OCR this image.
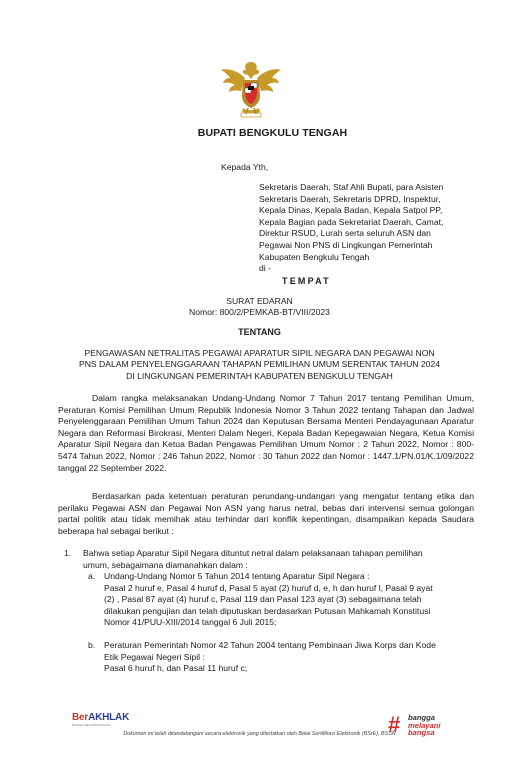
BUPATI BENGKULU TENGAH
Kepada Yth,
Sekretaris Daerah, Staf Ahli Bupati, para Asisten
Sekretaris Daerah, Sekretaris DPRD, Inspektur,
Kepala Dinas, Kepala Badan, Kepala Satpol PP,
Kepala Bagian pada Sekretariat Daerah, Camat,
Direktur RSUD, Lurah serta seluruh ASN dan
Pegawai Non PNS di Lingkungan Pemerintah
Kabupaten Bengkulu Tengah
di -
TEMPAT
SURAT EDARAN
Nomor: 800/2/PEMKAB-BT/VIII/2023
TENTANG
PENGAWASAN NETRALITAS PEGAWAI APARATUR SIPIL NEGARA DAN PEGAWAI NON
PNS DALAM PENYELENGGARAAN TAHAPAN PEMILIHAN UMUM SERENTAK TAHUN 2024
DI LINGKUNGAN PEMERINTAH KABUPATEN BENGKULU TENGAH
Dalam rangka melaksanakan Undang-Undang Nomor 7 Tahun 2017 tentang Pemilihan Umum, Peraturan Komisi Pemilihan Umum Republik Indonesia Nomor 3 Tahun 2022 tentang Tahapan dan Jadwal Penyelenggaraan Pemilihan Umum Tahun 2024 dan Keputusan Bersama Menteri Pendayagunaan Aparatur Negara dan Reformasi Birokrasi, Menteri Dalam Negeri, Kepala Badan Kepegawaian Negara, Ketua Komisi Aparatur Sipil Negara dan Ketua Badan Pengawas Pemilihan Umum Nomor : 2 Tahun 2022, Nomor : 800-5474 Tahun 2022, Nomor : 246 Tahun 2022, Nomor : 30 Tahun 2022 dan Nomor : 1447.1/PN.01/K.1/09/2022 tanggal 22 September 2022.
Berdasarkan pada ketentuan peraturan perundang-undangan yang mengatur tentang etika dan perilaku Pegawai ASN dan Pegawai Non ASN yang harus netral, bebas dari intervensi semua golongan partai politik atau tidak memihak atau terhindar dari konflik kepentingan, disampaikan kepada Saudara beberapa hal sebagai berikut :
1. Bahwa setiap Aparatur Sipil Negara dituntut netral dalam pelaksanaan tahapan pemilihan
umum, sebagaimana diamanahkan dalam :
a. Undang-Undang Nomor 5 Tahun 2014 tentang Aparatur Sipil Negara :
Pasal 2 huruf e, Pasal 4 huruf d, Pasal 5 ayat (2) huruf d, e, h dan huruf l, Pasal 9 ayat
(2) , Pasal 87 ayat (4) huruf c, Pasal 119 dan Pasal 123 ayat (3) sebagaimana telah
dilakukan pengujian dan telah diputuskan berdasarkan Putusan Mahkamah Konstitusi
Nomor 41/PUU-XIII/2014 tanggal 6 Juli 2015;
b. Peraturan Pemerintah Nomor 42 Tahun 2004 tentang Pembinaan Jiwa Korps dan Kode
Etik Pegawai Negeri Sipil :
Pasal 6 huruf h, dan Pasal 11 huruf c;
BerAKHLAK
BANGGA MELAYANI BANGSA	# bangga
melayani
bangsa
Dokumen ini telah ditandatangani secara elektronik yang diterbitkan oleh Balai Sertifikasi Elektronik (BSrE), BSSN
